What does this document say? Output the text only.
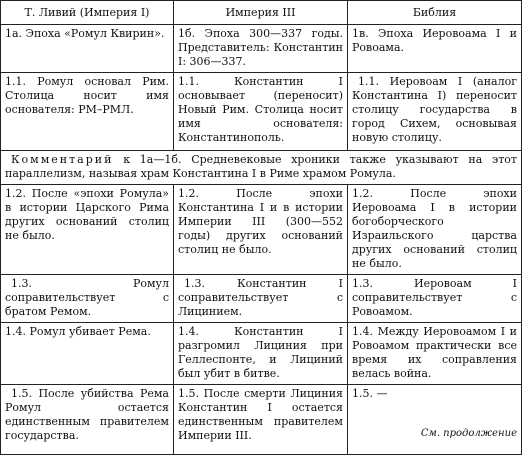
Т. Ливий (Империя I)	Империя III	Библия
1а. Эпоха «Ромул Квирин».	1б. Эпоха 300—337 годы. Представитель: Константин I: 306—337.	1в. Эпоха Иеровоама I и Ровоама.
1.1. Ромул основал Рим. Столица носит имя основателя: РМ–РМЛ.	1.1. Константин I основывает (переносит) Новый Рим. Столица носит имя основателя: Константинополь.	1.1. Иеровоам I (аналог Константина I) переносит столицу государства в город Сихем, основывая новую столицу.
Комментарий к 1а—1б. Средневековые хроники также указывают на этот параллелизм, называя храм Константина I в Риме храмом Ромула.		
1.2. После «эпохи Ромула» в истории Царского Рима других оснований столиц не было.	1.2. После эпохи Константина I и в истории Империи III (300—552 годы) других оснований столиц не было.	1.2. После эпохи Иеровоама I в истории богоборческого Израильского царства других оснований столиц не было.
1.3. Ромул соправительствует с братом Ремом.	1.3. Константин I соправительствует с Лицинием.	1.3. Иеровоам I соправительствует с Ровоамом.
1.4. Ромул убивает Рема.	1.4. Константин I разгромил Лициния при Геллеспонте, и Лициний был убит в битве.	1.4. Между Иеровоамом I и Ровоамом практически все время их соправления велась война.
1.5. После убийства Рема Ромул остается единственным правителем государства.	1.5. После смерти Лициния Константин I остается единственным правителем Империи III.	1.5. —
См. продолжение
